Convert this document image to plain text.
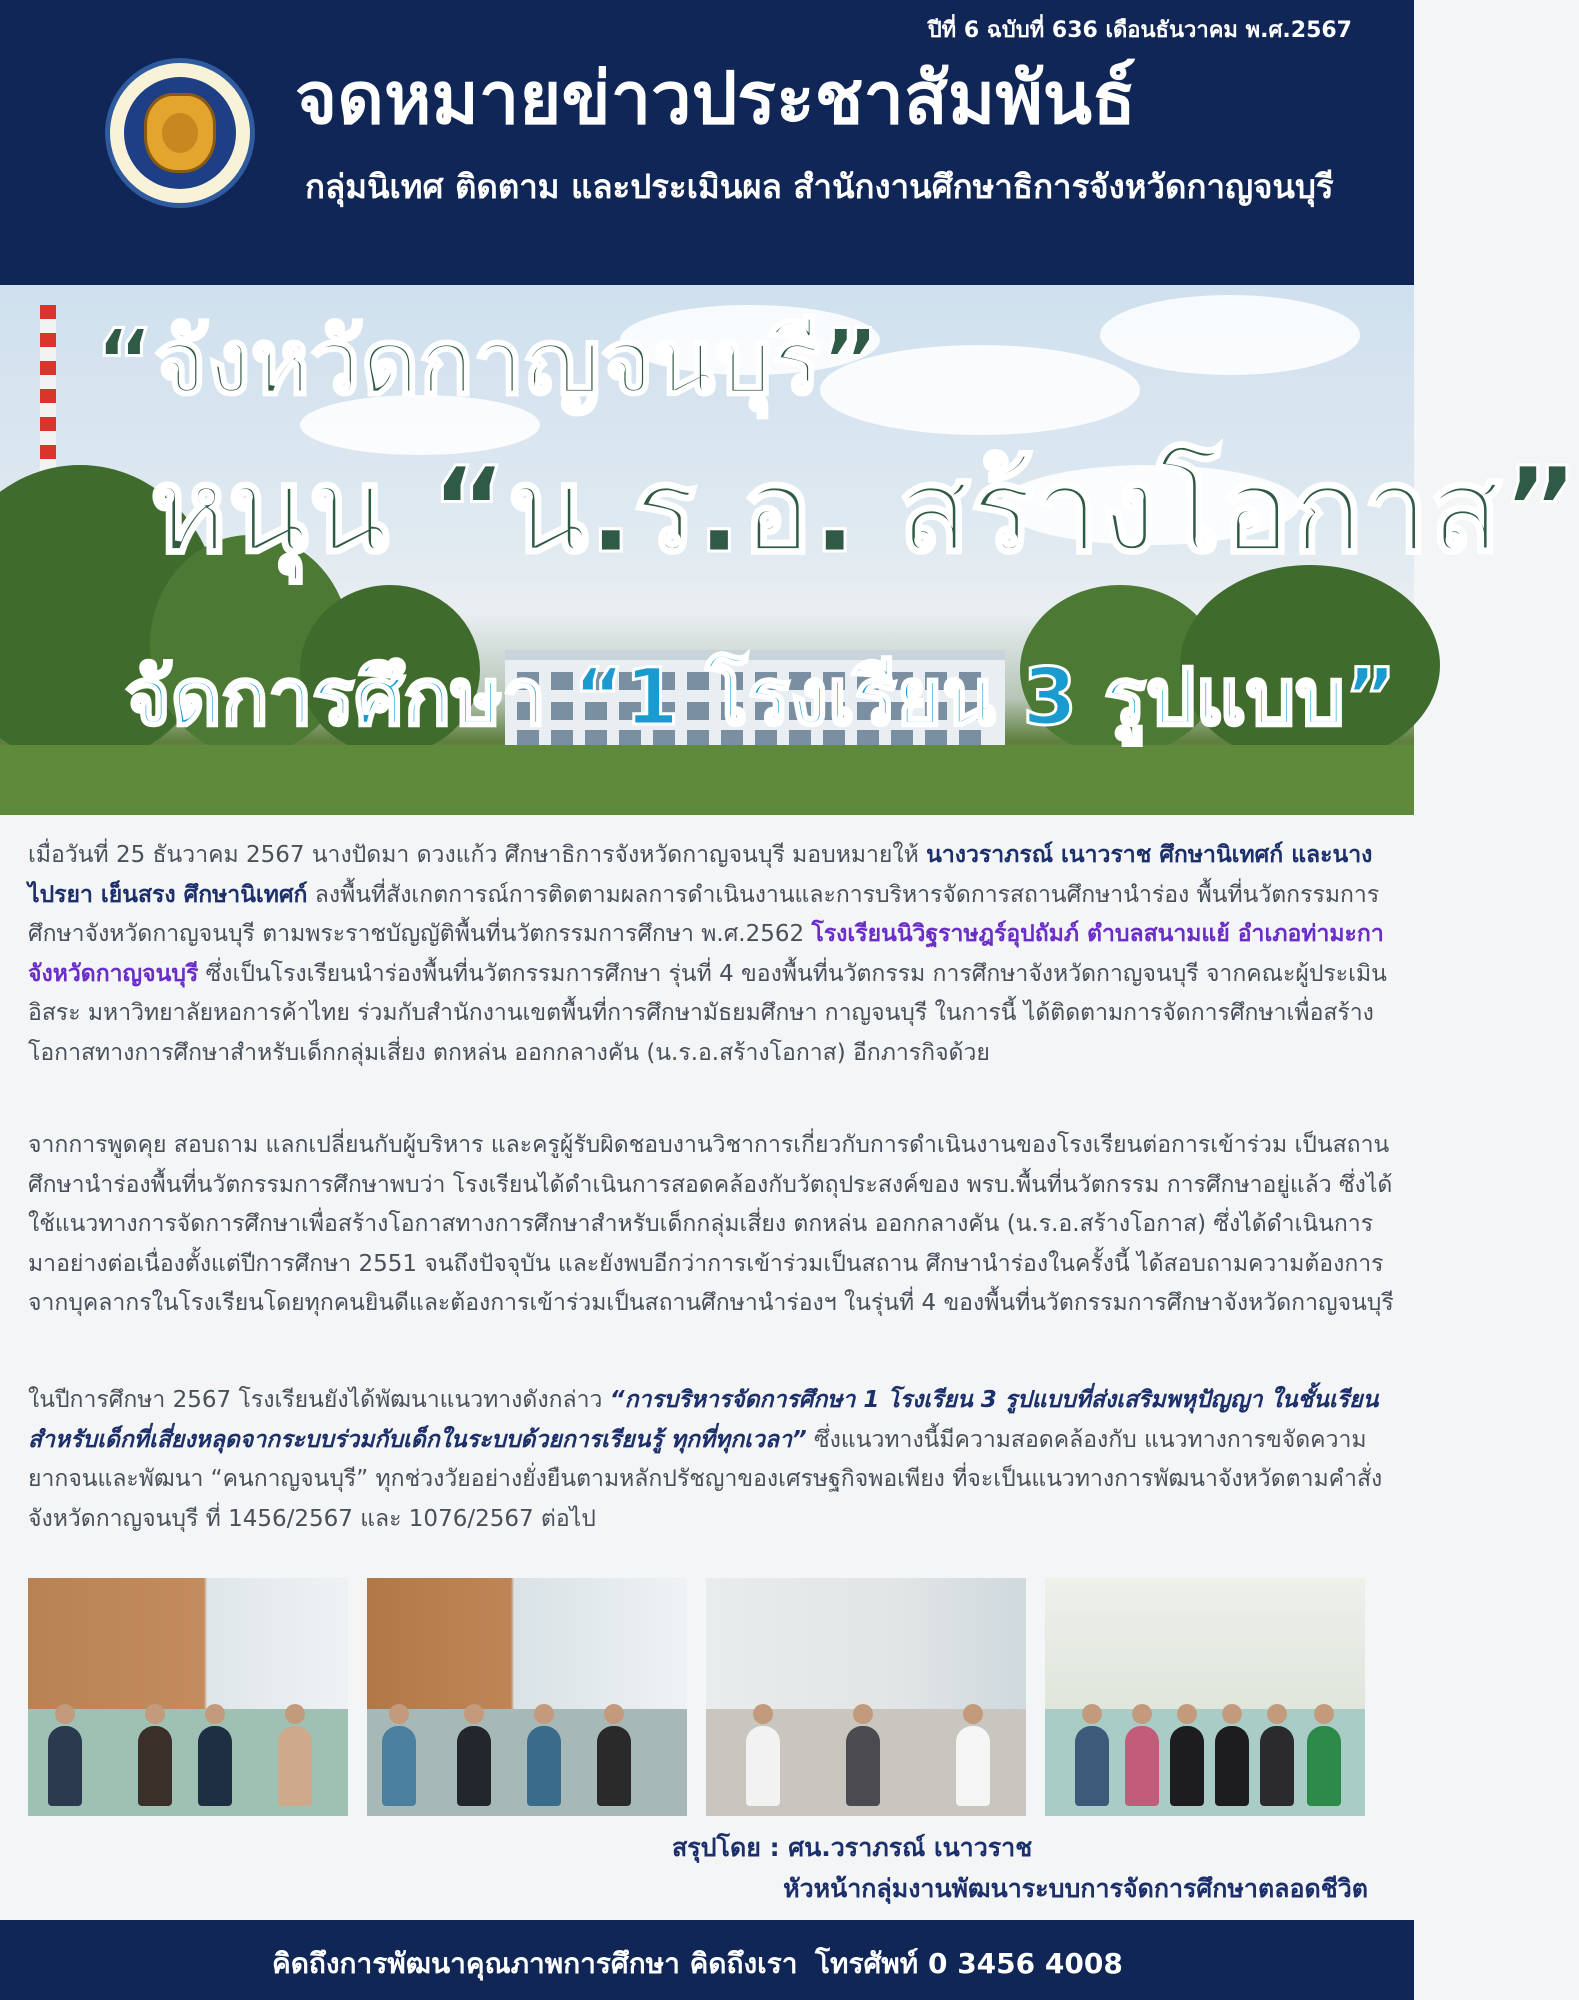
ปีที่ 6 ฉบับที่ 636 เดือนธันวาคม พ.ศ.2567
จดหมายข่าวประชาสัมพันธ์
กลุ่มนิเทศ ติดตาม และประเมินผล สำนักงานศึกษาธิการจังหวัดกาญจนบุรี
“จังหวัดกาญจนบุรี”
หนุน “น.ร.อ. สร้างโอกาส”
จัดการศึกษา “1 โรงเรียน 3 รูปแบบ”
เมื่อวันที่ 25 ธันวาคม 2567 นางปัดมา ดวงแก้ว ศึกษาธิการจังหวัดกาญจนบุรี มอบหมายให้ นางวราภรณ์ เนาวราช ศึกษานิเทศก์ และนางไปรยา เย็นสรง ศึกษานิเทศก์ ลงพื้นที่สังเกตการณ์การติดตามผลการดำเนินงานและการบริหารจัดการสถานศึกษานำร่อง พื้นที่นวัตกรรมการศึกษาจังหวัดกาญจนบุรี ตามพระราชบัญญัติพื้นที่นวัตกรรมการศึกษา พ.ศ.2562 โรงเรียนนิวิฐราษฎร์อุปถัมภ์ ตำบลสนามแย้ อำเภอท่ามะกา จังหวัดกาญจนบุรี ซึ่งเป็นโรงเรียนนำร่องพื้นที่นวัตกรรมการศึกษา รุ่นที่ 4 ของพื้นที่นวัตกรรม การศึกษาจังหวัดกาญจนบุรี จากคณะผู้ประเมินอิสระ มหาวิทยาลัยหอการค้าไทย ร่วมกับสำนักงานเขตพื้นที่การศึกษามัธยมศึกษา กาญจนบุรี ในการนี้ ได้ติดตามการจัดการศึกษาเพื่อสร้างโอกาสทางการศึกษาสำหรับเด็กกลุ่มเสี่ยง ตกหล่น ออกกลางคัน (น.ร.อ.สร้างโอกาส) อีกภารกิจด้วย
จากการพูดคุย สอบถาม แลกเปลี่ยนกับผู้บริหาร และครูผู้รับผิดชอบงานวิชาการเกี่ยวกับการดำเนินงานของโรงเรียนต่อการเข้าร่วม เป็นสถานศึกษานำร่องพื้นที่นวัตกรรมการศึกษาพบว่า โรงเรียนได้ดำเนินการสอดคล้องกับวัตถุประสงค์ของ พรบ.พื้นที่นวัตกรรม การศึกษาอยู่แล้ว ซึ่งได้ใช้แนวทางการจัดการศึกษาเพื่อสร้างโอกาสทางการศึกษาสำหรับเด็กกลุ่มเสี่ยง ตกหล่น ออกกลางคัน (น.ร.อ.สร้างโอกาส) ซึ่งได้ดำเนินการมาอย่างต่อเนื่องตั้งแต่ปีการศึกษา 2551 จนถึงปัจจุบัน และยังพบอีกว่าการเข้าร่วมเป็นสถาน ศึกษานำร่องในครั้งนี้ ได้สอบถามความต้องการจากบุคลากรในโรงเรียนโดยทุกคนยินดีและต้องการเข้าร่วมเป็นสถานศึกษานำร่องฯ ในรุ่นที่ 4 ของพื้นที่นวัตกรรมการศึกษาจังหวัดกาญจนบุรี
ในปีการศึกษา 2567 โรงเรียนยังได้พัฒนาแนวทางดังกล่าว “การบริหารจัดการศึกษา 1 โรงเรียน 3 รูปแบบที่ส่งเสริมพหุปัญญา ในชั้นเรียนสำหรับเด็กที่เสี่ยงหลุดจากระบบร่วมกับเด็กในระบบด้วยการเรียนรู้ ทุกที่ทุกเวลา” ซึ่งแนวทางนี้มีความสอดคล้องกับ แนวทางการขจัดความยากจนและพัฒนา “คนกาญจนบุรี” ทุกช่วงวัยอย่างยั่งยืนตามหลักปรัชญาของเศรษฐกิจพอเพียง ที่จะเป็นแนวทางการพัฒนาจังหวัดตามคำสั่งจังหวัดกาญจนบุรี ที่ 1456/2567 และ 1076/2567 ต่อไป
สรุปโดย : ศน.วราภรณ์ เนาวราช
หัวหน้ากลุ่มงานพัฒนาระบบการจัดการศึกษาตลอดชีวิต
คิดถึงการพัฒนาคุณภาพการศึกษา คิดถึงเรา โทรศัพท์ 0 3456 4008
